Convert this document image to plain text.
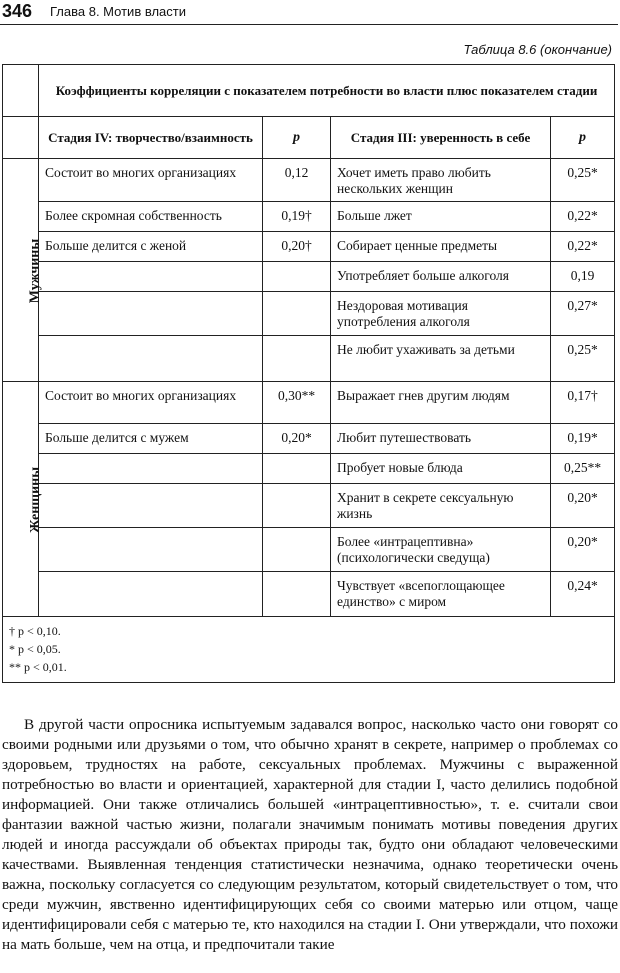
346 Глава 8. Мотив власти
Таблица 8.6 (окончание)
	Коэффициенты корреляции с показателем потребности во власти плюс показателем стадии			
	Стадия IV: творчество/взаимность	p	Стадия III: уверенность в себе	p
Мужчины	Состоит во многих организациях	0,12	Хочет иметь право любить нескольких женщин	0,25*
	Более скромная собственность	0,19†	Больше лжет	0,22*
	Больше делится с женой	0,20†	Собирает ценные предметы	0,22*
			Употребляет больше алкоголя	0,19
			Нездоровая мотивация употребления алкоголя	0,27*
			Не любит ухаживать за детьми	0,25*
Женщины	Состоит во многих организациях	0,30**	Выражает гнев другим людям	0,17†
	Больше делится с мужем	0,20*	Любит путешествовать	0,19*
			Пробует новые блюда	0,25**
			Хранит в секрете сексуальную жизнь	0,20*
			Более «интрацептивна» (психологически сведуща)	0,20*
			Чувствует «всепоглощающее единство» с миром	0,24*

† p < 0,10.
* p < 0,05.
** p < 0,01.				

В другой части опросника испытуемым задавался вопрос, насколько часто они говорят со своими родными или друзьями о том, что обычно хранят в секрете, например о проблемах со здоровьем, трудностях на работе, сексуальных проблемах. Мужчины с выраженной потребностью во власти и ориентацией, характерной для стадии I, часто делились подобной информацией. Они также отличались большей «интрацептивностью», т. е. считали свои фантазии важной частью жизни, полагали значимым понимать мотивы поведения других людей и иногда рассуждали об объектах природы так, будто они обладают человеческими качествами. Выявленная тенденция статистически незначима, однако теоретически очень важна, поскольку согласуется со следующим результатом, который свидетельствует о том, что среди мужчин, явственно идентифицирующих себя со своими матерью или отцом, чаще идентифицировали себя с матерью те, кто находился на стадии I. Они утверждали, что похожи на мать больше, чем на отца, и предпочитали такие
